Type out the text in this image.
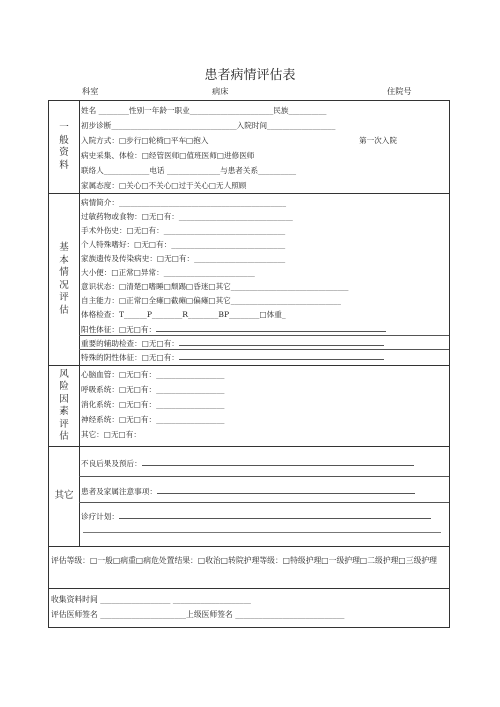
患者病情评估表
科室	病床	住院号
一般资料
姓名 ________性别一年龄一职业______________________民族__________
初步诊断_________________________________入院时间__________________
入院方式：□步行□轮椅□平车□抱入	第一次入院
病史采集、体检：□经管医师□值班医师□进修医师
联络人____________电话 ______________与患者关系__________
家属态度：□关心□不关心□过于关心□无人照顾
基本情况评估
病情简介：____________________________________________
过敏药物或食物：□无□有：______________________________
手术外伤史：□无□有：________________________________
个人特殊嗜好：□无□有：______________________________
家族遗传及传染病史：□无□有：________________________
大小便：□正常□异常：________________________
意识状态：□清楚□嗜睡□颓踢□昏迷□其它_______________________________
自主能力：□正常□全瘫□截瘫□偏瘫□其它_____________________________
体格检查：T______P________R________BP________□体重_
阳性体征：□无□有：
重要的辅助检查：□无□有：
特殊的阴性体征：□无□有：
风险因素评估
心脑血管：□无□有：__________________
呼吸系统：□无□有：__________________
消化系统：□无□有：__________________
神经系统：□无□有：__________________
其它：□无□有：
其它
不良后果及预后：
患者及家属注意事项：
诊疗计划：
评估等级：□一般□病重□病危处置结果：□收治□转院护理等级：□特级护理□一级护理□二级护理□三级护理
收集资料时间 __________________ ____________________
评估医师签名 ______________________上级医师签名 ____________________________
